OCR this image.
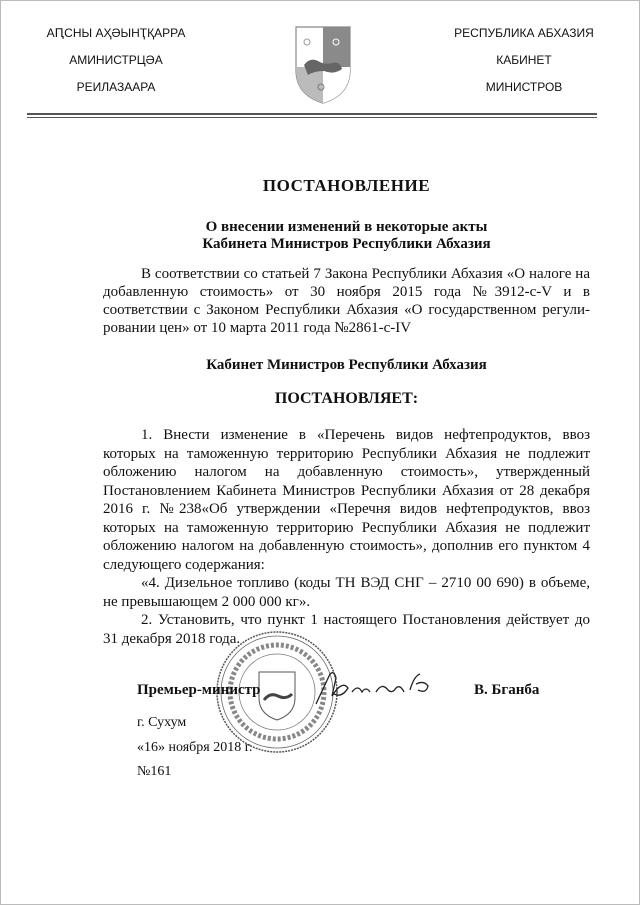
АԤСНЫ АҲӘЫНҬҚАРРА
АМИНИСТРЦӘА
РЕИЛАЗААРА
РЕСПУБЛИКА АБХАЗИЯ
КАБИНЕТ
МИНИСТРОВ
ПОСТАНОВЛЕНИЕ
О внесении изменений в некоторые акты
Кабинета Министров Республики Абхазия
В соответствии со статьей 7 Закона Республики Абхазия «О налоге на добавленную стоимость» от 30 ноября 2015 года №3912-с-V и в соответствии с Законом Республики Абхазия «О государственном регулировании цен» от 10 марта 2011 года №2861-с-IV
Кабинет Министров Республики Абхазия
ПОСТАНОВЛЯЕТ:
1. Внести изменение в «Перечень видов нефтепродуктов, ввоз которых на таможенную территорию Республики Абхазия не подлежит обложению налогом на добавленную стоимость», утвержденный Постановлением Кабинета Министров Республики Абхазия от 28 декабря 2016 г. №238«Об утверждении «Перечня видов нефтепродуктов, ввоз которых на таможенную территорию Республики Абхазия не подлежит обложению налогом на добавленную стоимость», дополнив его пунктом 4 следующего содержания:
«4. Дизельное топливо (коды ТН ВЭД СНГ – 2710 00 690) в объеме, не превышающем 2 000 000 кг».
2. Установить, что пункт 1 настоящего Постановления действует до 31 декабря 2018 года.
Премьер-министр	В. Бганба
г. Сухум
«16» ноября 2018 г.
№161
